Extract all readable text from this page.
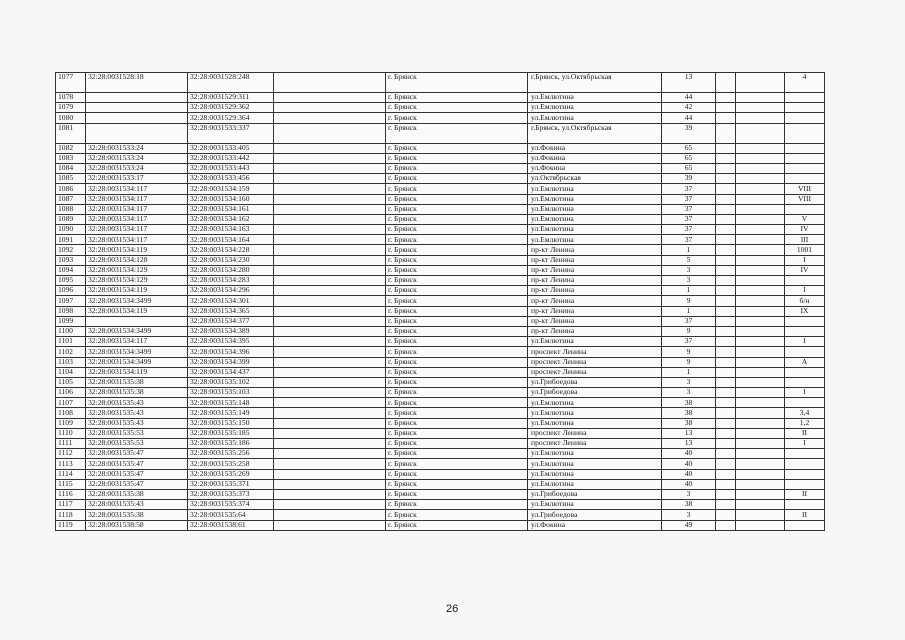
1077	32:28:0031528:18	32:28:0031528:248		г. Брянск	г.Брянск, ул.Октябрьская	13			4
1078		32:28:0031529:311		г. Брянск	ул.Емлютина	44			
1079		32:28:0031529:362		г. Брянск	ул.Емлютина	42			
1080		32:28:0031529:364		г. Брянск	ул.Емлютина	44			
1081		32:28:0031533:337		г. Брянск	г.Брянск, ул.Октябрьская	39			
1082	32:28:0031533:24	32:28:0031533:405		г. Брянск	ул.Фокина	65			
1083	32:28:0031533:24	32:28:0031533:442		г. Брянск	ул.Фокина	65			
1084	32:28:0031533:24	32:28:0031533:443		г. Брянск	ул.Фокина	65			
1085	32:28:0031533:17	32:28:0031533:456		г. Брянск	ул.Октябрьская	39			
1086	32:28:0031534:117	32:28:0031534:159		г. Брянск	ул.Емлютина	37			VIII
1087	32:28:0031534:117	32:28:0031534:160		г. Брянск	ул.Емлютина	37			VIII
1088	32:28:0031534:117	32:28:0031534:161		г. Брянск	ул.Емлютина	37			
1089	32:28:0031534:117	32:28:0031534:162		г. Брянск	ул.Емлютина	37			V
1090	32:28:0031534:117	32:28:0031534:163		г. Брянск	ул.Емлютина	37			IV
1091	32:28:0031534:117	32:28:0031534:164		г. Брянск	ул.Емлютина	37			III
1092	32:28:0031534:119	32:28:0031534:228		г. Брянск	пр-кт Ленина	1			1001
1093	32:28:0031534:128	32:28:0031534:230		г. Брянск	пр-кт Ленина	5			I
1094	32:28:0031534:129	32:28:0031534:280		г. Брянск	пр-кт Ленина	3			IV
1095	32:28:0031534:129	32:28:0031534:283		г. Брянск	пр-кт Ленина	3			
1096	32:28:0031534:119	32:28:0031534:296		г. Брянск	пр-кт Ленина	1			I
1097	32:28:0031534:3499	32:28:0031534:301		г. Брянск	пр-кт Ленина	9			б/н
1098	32:28:0031534:119	32:28:0031534:365		г. Брянск	пр-кт Ленина	1			IX
1099		32:28:0031534:377		г. Брянск	пр-кт Ленина	37			
1100	32:28:0031534:3499	32:28:0031534:389		г. Брянск	пр-кт Ленина	9			
1101	32:28:0031534:117	32:28:0031534:395		г. Брянск	ул.Емлютина	37			I
1102	32:28:0031534:3499	32:28:0031534:396		г. Брянск	проспект Ленина	9			
1103	32:28:0031534:3499	32:28:0031534:399		г. Брянск	проспект Ленина	9			А
1104	32:28:0031534:119	32:28:0031534:437		г. Брянск	проспект Ленина	1			
1105	32:28:0031535:38	32:28:0031535:102		г. Брянск	ул.Грибоедова	3			
1106	32:28:0031535:38	32:28:0031535:103		г. Брянск	ул.Грибоедова	3			I
1107	32:28:0031535:43	32:28:0031535:148		г. Брянск	ул.Емлютина	38			
1108	32:28:0031535:43	32:28:0031535:149		г. Брянск	ул.Емлютина	38			3,4
1109	32:28:0031535:43	32:28:0031535:150		г. Брянск	ул.Емлютина	38			1,2
1110	32:28:0031535:53	32:28:0031535:185		г. Брянск	проспект Ленина	13			II
1111	32:28:0031535:53	32:28:0031535:186		г. Брянск	проспект Ленина	13			I
1112	32:28:0031535:47	32:28:0031535:256		г. Брянск	ул.Емлютина	40			
1113	32:28:0031535:47	32:28:0031535:258		г. Брянск	ул.Емлютина	40			
1114	32:28:0031535:47	32:28:0031535:269		г. Брянск	ул.Емлютина	40			
1115	32:28:0031535:47	32:28:0031535:371		г. Брянск	ул.Емлютина	40			
1116	32:28:0031535:38	32:28:0031535:373		г. Брянск	ул.Грибоедова	3			II
1117	32:28:0031535:43	32:28:0031535:374		г. Брянск	ул.Емлютина	38			
1118	32:28:0031535:38	32:28:0031535:64		г. Брянск	ул.Грибоедова	3			II
1119	32:28:0031538:58	32:28:0031538:61		г. Брянск	ул.Фокина	49			
26
